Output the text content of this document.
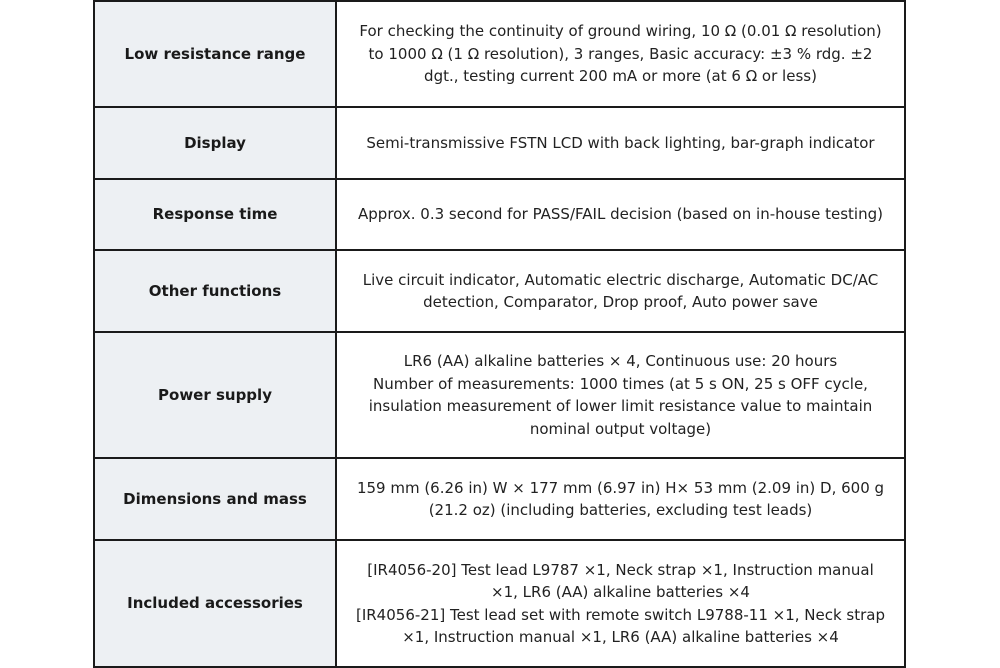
Low resistance range	For checking the continuity of ground wiring, 10 Ω (0.01 Ω resolution) to 1000 Ω (1 Ω resolution), 3 ranges, Basic accuracy: ±3 % rdg. ±2 dgt., testing current 200 mA or more (at 6 Ω or less)

Display	Semi-transmissive FSTN LCD with back lighting, bar-graph indicator

Response time	Approx. 0.3 second for PASS/FAIL decision (based on in-house testing)

Other functions	Live circuit indicator, Automatic electric discharge, Automatic DC/AC detection, Comparator, Drop proof, Auto power save

Power supply	LR6 (AA) alkaline batteries × 4, Continuous use: 20 hours
Number of measurements: 1000 times (at 5 s ON, 25 s OFF cycle, insulation measurement of lower limit resistance value to maintain nominal output voltage)

Dimensions and mass	159 mm (6.26 in) W × 177 mm (6.97 in) H× 53 mm (2.09 in) D, 600 g (21.2 oz) (including batteries, excluding test leads)

Included accessories	[IR4056-20] Test lead L9787 ×1, Neck strap ×1, Instruction manual ×1, LR6 (AA) alkaline batteries ×4
[IR4056-21] Test lead set with remote switch L9788-11 ×1, Neck strap ×1, Instruction manual ×1, LR6 (AA) alkaline batteries ×4
